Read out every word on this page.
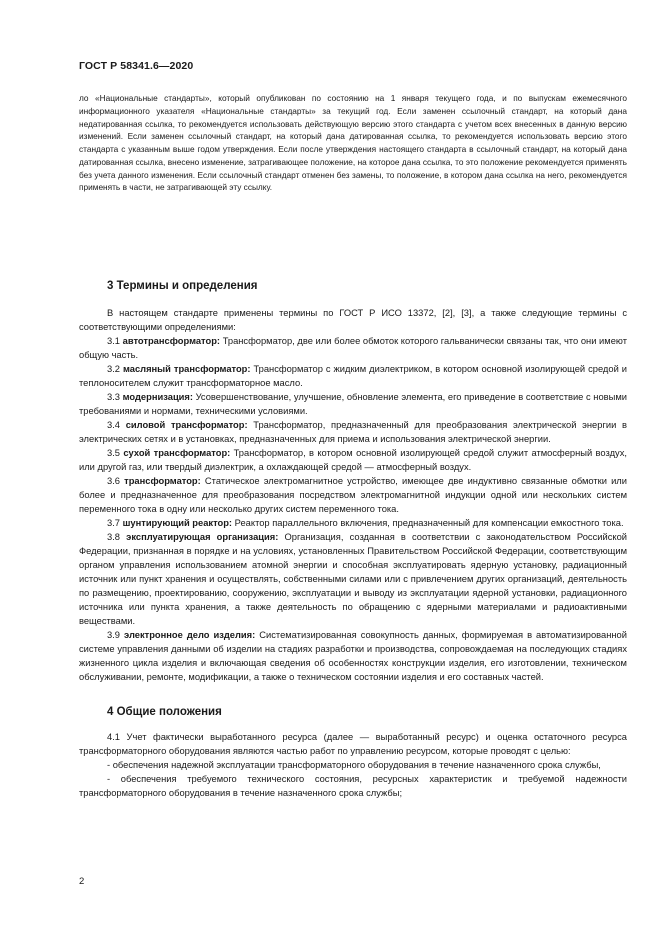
ГОСТ Р 58341.6—2020
ло «Национальные стандарты», который опубликован по состоянию на 1 января текущего года, и по выпускам ежемесячного информационного указателя «Национальные стандарты» за текущий год. Если заменен ссылочный стандарт, на который дана недатированная ссылка, то рекомендуется использовать действующую версию этого стандарта с учетом всех внесенных в данную версию изменений. Если заменен ссылочный стандарт, на который дана датированная ссылка, то рекомендуется использовать версию этого стандарта с указанным выше годом утверждения. Если после утверждения настоящего стандарта в ссылочный стандарт, на который дана датированная ссылка, внесено изменение, затрагивающее положение, на которое дана ссылка, то это положение рекомендуется применять без учета данного изменения. Если ссылочный стандарт отменен без замены, то положение, в котором дана ссылка на него, рекомендуется применять в части, не затрагивающей эту ссылку.
3 Термины и определения

В настоящем стандарте применены термины по ГОСТ Р ИСО 13372, [2], [3], а также следующие термины с соответствующими определениями:

3.1 автотрансформатор: Трансформатор, две или более обмоток которого гальванически связаны так, что они имеют общую часть.

3.2 масляный трансформатор: Трансформатор с жидким диэлектриком, в котором основной изолирующей средой и теплоносителем служит трансформаторное масло.

3.3 модернизация: Усовершенствование, улучшение, обновление элемента, его приведение в соответствие с новыми требованиями и нормами, техническими условиями.

3.4 силовой трансформатор: Трансформатор, предназначенный для преобразования электрической энергии в электрических сетях и в установках, предназначенных для приема и использования электрической энергии.

3.5 сухой трансформатор: Трансформатор, в котором основной изолирующей средой служит атмосферный воздух, или другой газ, или твердый диэлектрик, а охлаждающей средой — атмосферный воздух.

3.6 трансформатор: Статическое электромагнитное устройство, имеющее две индуктивно связанные обмотки или более и предназначенное для преобразования посредством электромагнитной индукции одной или нескольких систем переменного тока в одну или несколько других систем переменного тока.

3.7 шунтирующий реактор: Реактор параллельного включения, предназначенный для компенсации емкостного тока.

3.8 эксплуатирующая организация: Организация, созданная в соответствии с законодательством Российской Федерации, признанная в порядке и на условиях, установленных Правительством Российской Федерации, соответствующим органом управления использованием атомной энергии и способная эксплуатировать ядерную установку, радиационный источник или пункт хранения и осуществлять, собственными силами или с привлечением других организаций, деятельность по размещению, проектированию, сооружению, эксплуатации и выводу из эксплуатации ядерной установки, радиационного источника или пункта хранения, а также деятельность по обращению с ядерными материалами и радиоактивными веществами.

3.9 электронное дело изделия: Систематизированная совокупность данных, формируемая в автоматизированной системе управления данными об изделии на стадиях разработки и производства, сопровождаемая на последующих стадиях жизненного цикла изделия и включающая сведения об особенностях конструкции изделия, его изготовлении, техническом обслуживании, ремонте, модификации, а также о техническом состоянии изделия и его составных частей.

4 Общие положения

4.1 Учет фактически выработанного ресурса (далее — выработанный ресурс) и оценка остаточного ресурса трансформаторного оборудования являются частью работ по управлению ресурсом, которые проводят с целью:

- обеспечения надежной эксплуатации трансформаторного оборудования в течение назначенного срока службы,

- обеспечения требуемого технического состояния, ресурсных характеристик и требуемой надежности трансформаторного оборудования в течение назначенного срока службы;

2
